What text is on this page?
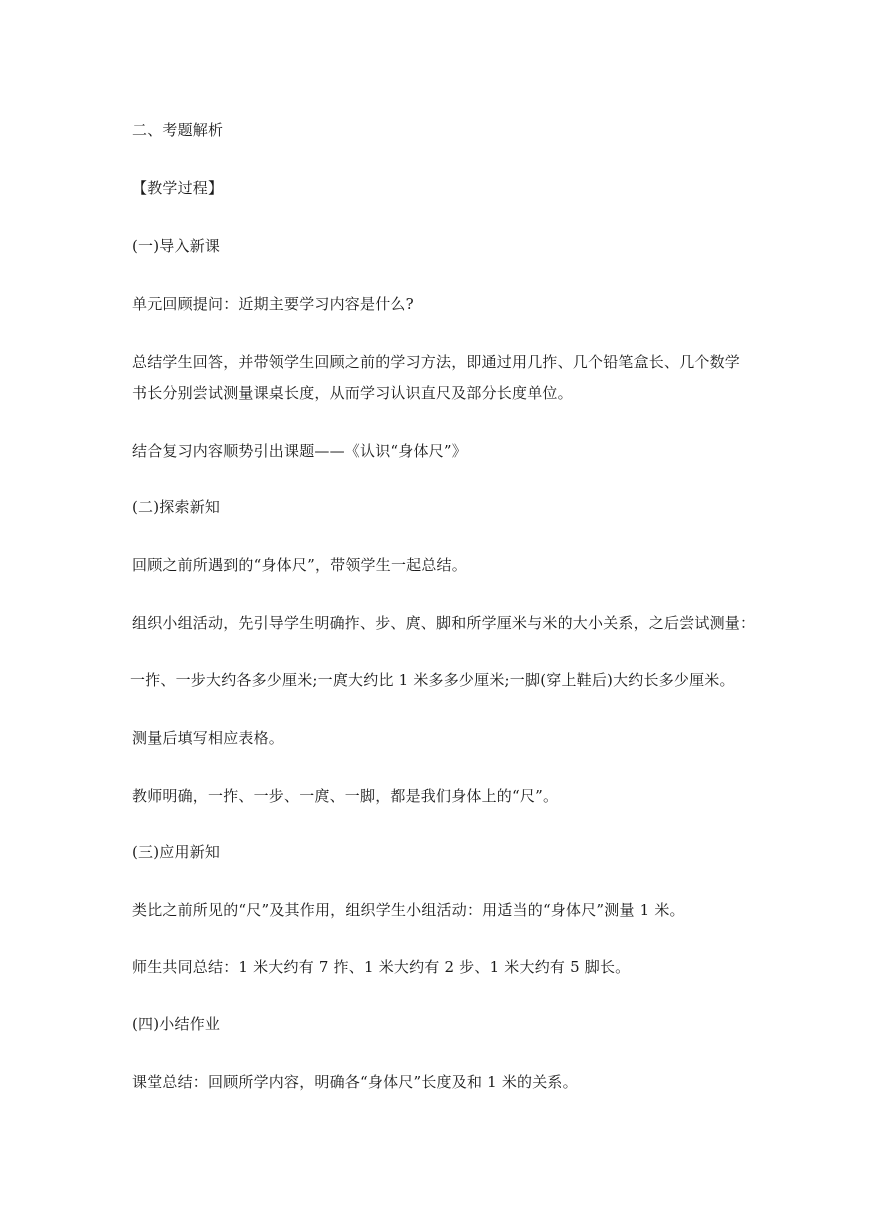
二、考题解析

【教学过程】

(一)导入新课

单元回顾提问：近期主要学习内容是什么?

总结学生回答，并带领学生回顾之前的学习方法，即通过用几拃、几个铅笔盒长、几个数学

书长分别尝试测量课桌长度，从而学习认识直尺及部分长度单位。

结合复习内容顺势引出课题——《认识“身体尺”》

(二)探索新知

回顾之前所遇到的“身体尺”，带领学生一起总结。

组织小组活动，先引导学生明确拃、步、庹、脚和所学厘米与米的大小关系，之后尝试测量：

一拃、一步大约各多少厘米;一庹大约比 1 米多多少厘米;一脚(穿上鞋后)大约长多少厘米。

测量后填写相应表格。

教师明确，一拃、一步、一庹、一脚，都是我们身体上的“尺”。

(三)应用新知

类比之前所见的“尺”及其作用，组织学生小组活动：用适当的“身体尺”测量 1 米。

师生共同总结：1 米大约有 7 拃、1 米大约有 2 步、1 米大约有 5 脚长。

(四)小结作业

课堂总结：回顾所学内容，明确各“身体尺”长度及和 1 米的关系。
